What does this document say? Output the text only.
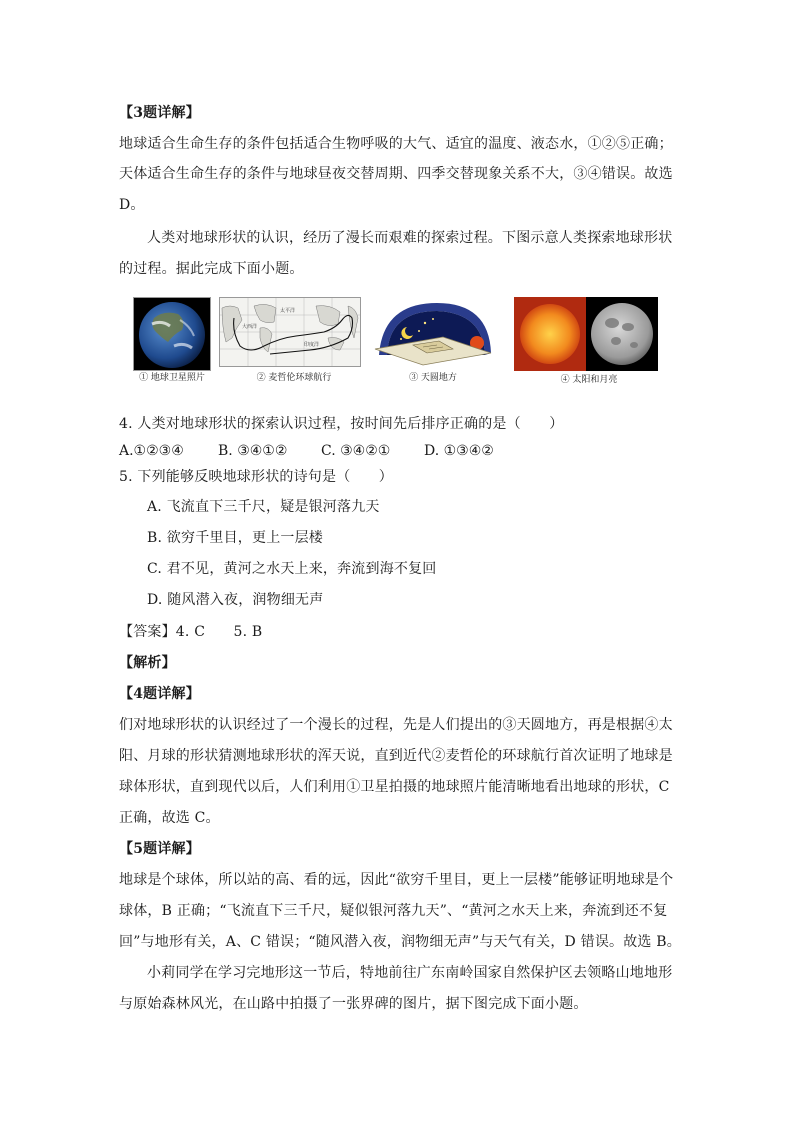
【3题详解】
地球适合生命生存的条件包括适合生物呼吸的大气、适宜的温度、液态水，①②⑤正确；
天体适合生命生存的条件与地球昼夜交替周期、四季交替现象关系不大，③④错误。故选
D。
人类对地球形状的认识，经历了漫长而艰难的探索过程。下图示意人类探索地球形状
的过程。据此完成下面小题。
① 地球卫星照片
太平洋
印度洋
大西洋
② 麦哲伦环球航行	③ 天圆地方	④ 太阳和月亮
4. 人类对地球形状的探索认识过程，按时间先后排序正确的是（　　）
A.①②③④ B. ③④①② C. ③④②① D. ①③④②
5. 下列能够反映地球形状的诗句是（　　）
A. 飞流直下三千尺，疑是银河落九天
B. 欲穷千里目，更上一层楼
C. 君不见，黄河之水天上来，奔流到海不复回
D. 随风潜入夜，润物细无声
【答案】4. C　　5. B
【解析】
【4题详解】
们对地球形状的认识经过了一个漫长的过程，先是人们提出的③天圆地方，再是根据④太
阳、月球的形状猜测地球形状的浑天说，直到近代②麦哲伦的环球航行首次证明了地球是
球体形状，直到现代以后，人们利用①卫星拍摄的地球照片能清晰地看出地球的形状，C
正确，故选 C。
【5题详解】
地球是个球体，所以站的高、看的远，因此“欲穷千里目，更上一层楼”能够证明地球是个
球体，B 正确；“飞流直下三千尺，疑似银河落九天”、“黄河之水天上来，奔流到还不复
回”与地形有关，A、C 错误；“随风潜入夜，润物细无声”与天气有关，D 错误。故选 B。
小莉同学在学习完地形这一节后，特地前往广东南岭国家自然保护区去领略山地地形
与原始森林风光，在山路中拍摄了一张界碑的图片，据下图完成下面小题。
